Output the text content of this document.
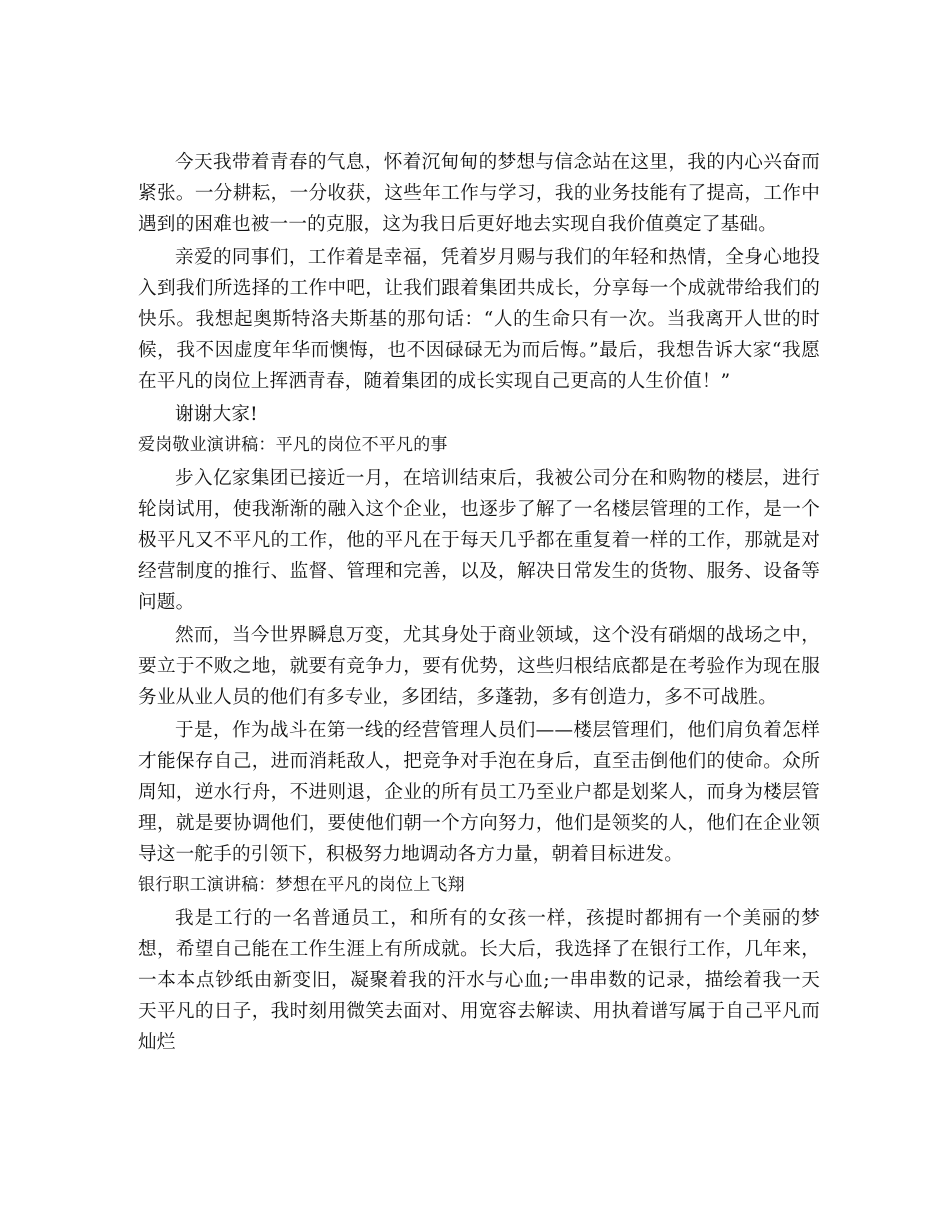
今天我带着青春的气息，怀着沉甸甸的梦想与信念站在这里，我的内心兴奋而紧张。一分耕耘，一分收获，这些年工作与学习，我的业务技能有了提高，工作中遇到的困难也被一一的克服，这为我日后更好地去实现自我价值奠定了基础。

亲爱的同事们，工作着是幸福，凭着岁月赐与我们的年轻和热情，全身心地投入到我们所选择的工作中吧，让我们跟着集团共成长，分享每一个成就带给我们的快乐。我想起奥斯特洛夫斯基的那句话：“人的生命只有一次。当我离开人世的时候，我不因虚度年华而懊悔，也不因碌碌无为而后悔。”最后，我想告诉大家“我愿在平凡的岗位上挥洒青春，随着集团的成长实现自己更高的人生价值！”

谢谢大家!

爱岗敬业演讲稿：平凡的岗位不平凡的事

步入亿家集团已接近一月，在培训结束后，我被公司分在和购物的楼层，进行轮岗试用，使我渐渐的融入这个企业，也逐步了解了一名楼层管理的工作，是一个极平凡又不平凡的工作，他的平凡在于每天几乎都在重复着一样的工作，那就是对经营制度的推行、监督、管理和完善，以及，解决日常发生的货物、服务、设备等问题。

然而，当今世界瞬息万变，尤其身处于商业领域，这个没有硝烟的战场之中，要立于不败之地，就要有竞争力，要有优势，这些归根结底都是在考验作为现在服务业从业人员的他们有多专业，多团结，多蓬勃，多有创造力，多不可战胜。

于是，作为战斗在第一线的经营管理人员们——楼层管理们，他们肩负着怎样才能保存自己，进而消耗敌人，把竞争对手泡在身后，直至击倒他们的使命。众所周知，逆水行舟，不进则退，企业的所有员工乃至业户都是划桨人，而身为楼层管理，就是要协调他们，要使他们朝一个方向努力，他们是领奖的人，他们在企业领导这一舵手的引领下，积极努力地调动各方力量，朝着目标进发。

银行职工演讲稿：梦想在平凡的岗位上飞翔

我是工行的一名普通员工，和所有的女孩一样，孩提时都拥有一个美丽的梦想，希望自己能在工作生涯上有所成就。长大后，我选择了在银行工作，几年来，一本本点钞纸由新变旧，凝聚着我的汗水与心血;一串串数的记录，描绘着我一天天平凡的日子，我时刻用微笑去面对、用宽容去解读、用执着谱写属于自己平凡而灿烂
